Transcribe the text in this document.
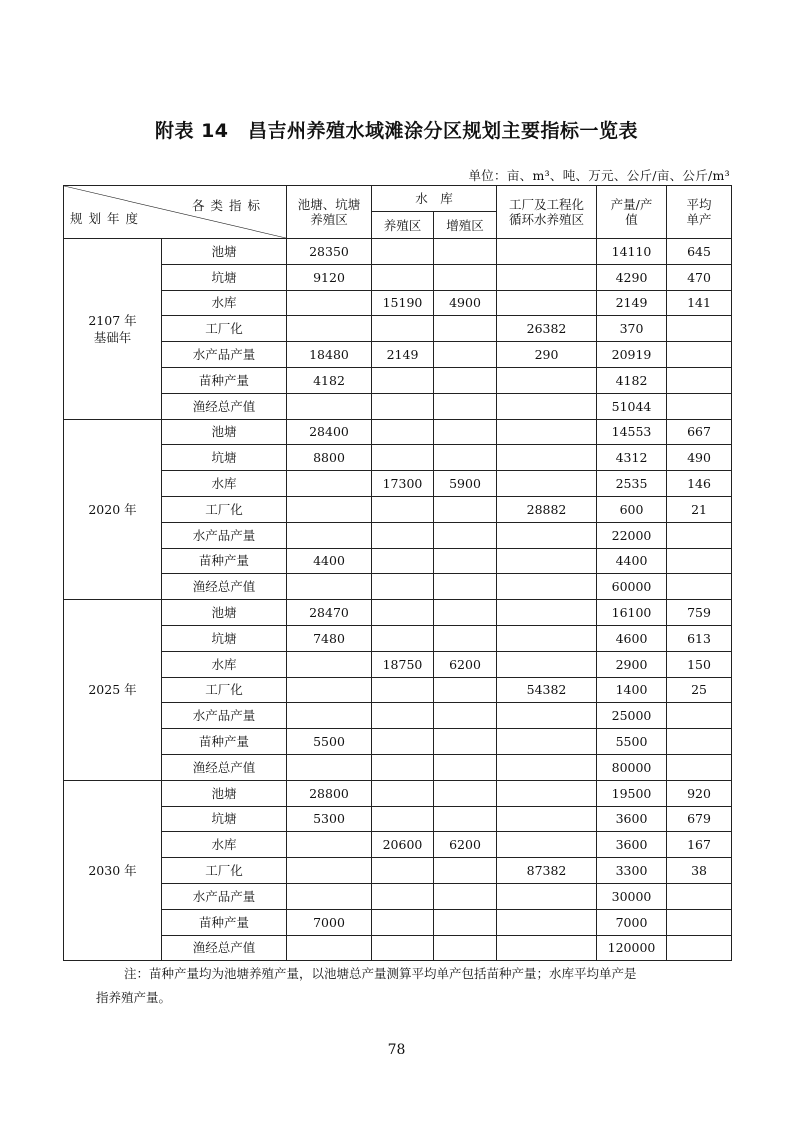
附表 14　昌吉州养殖水域滩涂分区规划主要指标一览表
单位：亩、m³、吨、万元、公斤/亩、公斤/m³
各类指标
规划年度		池塘、坑塘养殖区	水　库		工厂及工程化循环水养殖区	产量/产值	平均单产
			养殖区	增殖区			
2107 年
基础年	池塘	28350				14110	645
	坑塘	9120				4290	470
	水库		15190	4900		2149	141
	工厂化				26382	370	
	水产品产量	18480	2149		290	20919	
	苗种产量	4182				4182	
	渔经总产值					51044	
2020 年	池塘	28400				14553	667
	坑塘	8800				4312	490
	水库		17300	5900		2535	146
	工厂化				28882	600	21
	水产品产量					22000	
	苗种产量	4400				4400	
	渔经总产值					60000	
2025 年	池塘	28470				16100	759
	坑塘	7480				4600	613
	水库		18750	6200		2900	150
	工厂化				54382	1400	25
	水产品产量					25000	
	苗种产量	5500				5500	
	渔经总产值					80000	
2030 年	池塘	28800				19500	920
	坑塘	5300				3600	679
	水库		20600	6200		3600	167
	工厂化				87382	3300	38
	水产品产量					30000	
	苗种产量	7000				7000	
	渔经总产值					120000	
注：苗种产量均为池塘养殖产量，以池塘总产量测算平均单产包括苗种产量；水库平均单产是
指养殖产量。
78
